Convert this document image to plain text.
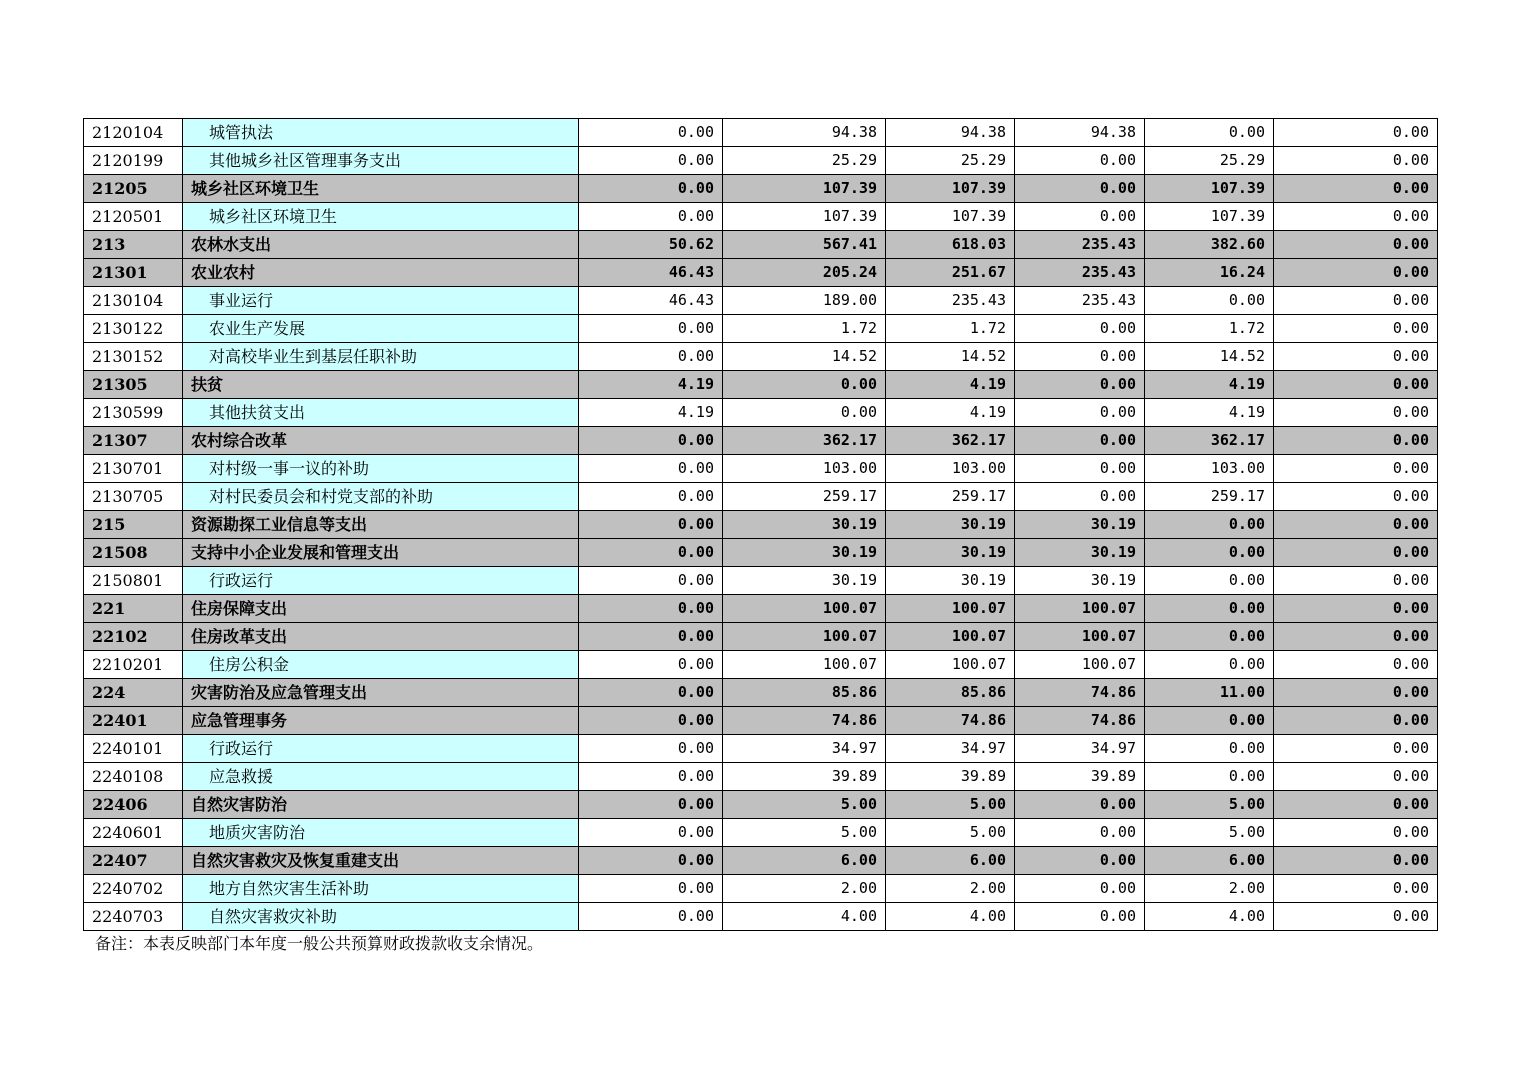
2120104	城管执法	0.00	94.38	94.38	94.38	0.00	0.00
2120199	其他城乡社区管理事务支出	0.00	25.29	25.29	0.00	25.29	0.00
21205	城乡社区环境卫生	0.00	107.39	107.39	0.00	107.39	0.00
2120501	城乡社区环境卫生	0.00	107.39	107.39	0.00	107.39	0.00
213	农林水支出	50.62	567.41	618.03	235.43	382.60	0.00
21301	农业农村	46.43	205.24	251.67	235.43	16.24	0.00
2130104	事业运行	46.43	189.00	235.43	235.43	0.00	0.00
2130122	农业生产发展	0.00	1.72	1.72	0.00	1.72	0.00
2130152	对高校毕业生到基层任职补助	0.00	14.52	14.52	0.00	14.52	0.00
21305	扶贫	4.19	0.00	4.19	0.00	4.19	0.00
2130599	其他扶贫支出	4.19	0.00	4.19	0.00	4.19	0.00
21307	农村综合改革	0.00	362.17	362.17	0.00	362.17	0.00
2130701	对村级一事一议的补助	0.00	103.00	103.00	0.00	103.00	0.00
2130705	对村民委员会和村党支部的补助	0.00	259.17	259.17	0.00	259.17	0.00
215	资源勘探工业信息等支出	0.00	30.19	30.19	30.19	0.00	0.00
21508	支持中小企业发展和管理支出	0.00	30.19	30.19	30.19	0.00	0.00
2150801	行政运行	0.00	30.19	30.19	30.19	0.00	0.00
221	住房保障支出	0.00	100.07	100.07	100.07	0.00	0.00
22102	住房改革支出	0.00	100.07	100.07	100.07	0.00	0.00
2210201	住房公积金	0.00	100.07	100.07	100.07	0.00	0.00
224	灾害防治及应急管理支出	0.00	85.86	85.86	74.86	11.00	0.00
22401	应急管理事务	0.00	74.86	74.86	74.86	0.00	0.00
2240101	行政运行	0.00	34.97	34.97	34.97	0.00	0.00
2240108	应急救援	0.00	39.89	39.89	39.89	0.00	0.00
22406	自然灾害防治	0.00	5.00	5.00	0.00	5.00	0.00
2240601	地质灾害防治	0.00	5.00	5.00	0.00	5.00	0.00
22407	自然灾害救灾及恢复重建支出	0.00	6.00	6.00	0.00	6.00	0.00
2240702	地方自然灾害生活补助	0.00	2.00	2.00	0.00	2.00	0.00
2240703	自然灾害救灾补助	0.00	4.00	4.00	0.00	4.00	0.00
备注：本表反映部门本年度一般公共预算财政拨款收支余情况。
